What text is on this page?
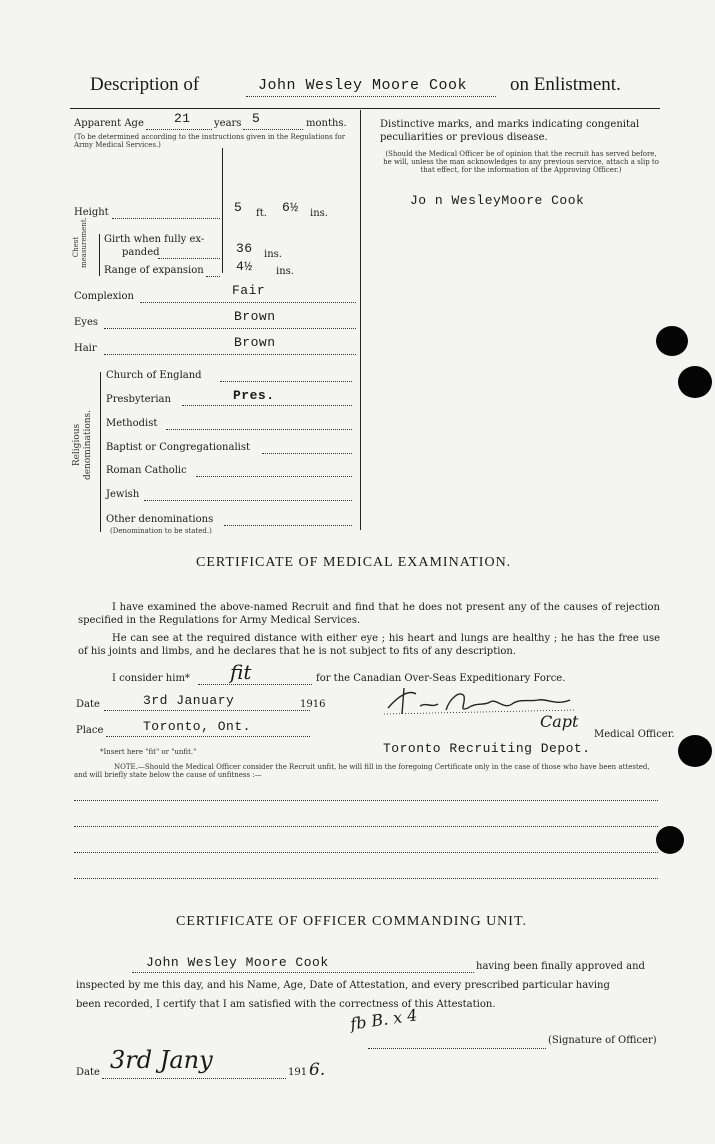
Description of	John Wesley Moore Cook on Enlistment.
Apparent Age 21 years 5	months.
(To be determined according to the instructions given in the Regulations for Army Medical Services.)
Height	5 ft. 6½ ins.
Chest measurement. Girth when fully ex-
panded	36 ins.
Range of expansion 4½ ins.
Complexion	Fair
Eyes	Brown
Hair	Brown
Religious denominations.
Church of England
Presbyterian	Pres.
Methodist
Baptist or Congregationalist
Roman Catholic
Jewish
Other denominations
(Denomination to be stated.)
Distinctive marks, and marks indicating congenital peculiarities or previous disease.
(Should the Medical Officer be of opinion that the recruit has served before, he will, unless the man acknowledges to any previous service, attach a slip to that effect, for the information of the Approving Officer.)
Jo n WesleyMoore Cook
CERTIFICATE OF MEDICAL EXAMINATION.
I have examined the above-named Recruit and find that he does not present any of the causes of rejection specified in the Regulations for Army Medical Services.
He can see at the required distance with either eye ; his heart and lungs are healthy ; he has the free use of his joints and limbs, and he declares that he is not subject to fits of any description.
I consider him* fit	for the Canadian Over-Seas Expeditionary Force.
Date	3rd January	1916
Place	Toronto, Ont.	Capt
Medical Officer.
Toronto Recruiting Depot.
*Insert here "fit" or "unfit."
NOTE.—Should the Medical Officer consider the Recruit unfit, he will fill in the foregoing Certificate only in the case of those who have been attested, and will briefly state below the cause of unfitness :—
CERTIFICATE OF OFFICER COMMANDING UNIT.
John Wesley Moore Cook	having been finally approved and
inspected by me this day, and his Name, Age, Date of Attestation, and every prescribed particular having
been recorded, I certify that I am satisfied with the correctness of this Attestation.
fb B. x 4
(Signature of Officer)
Date 3rd Jany	191 6.
